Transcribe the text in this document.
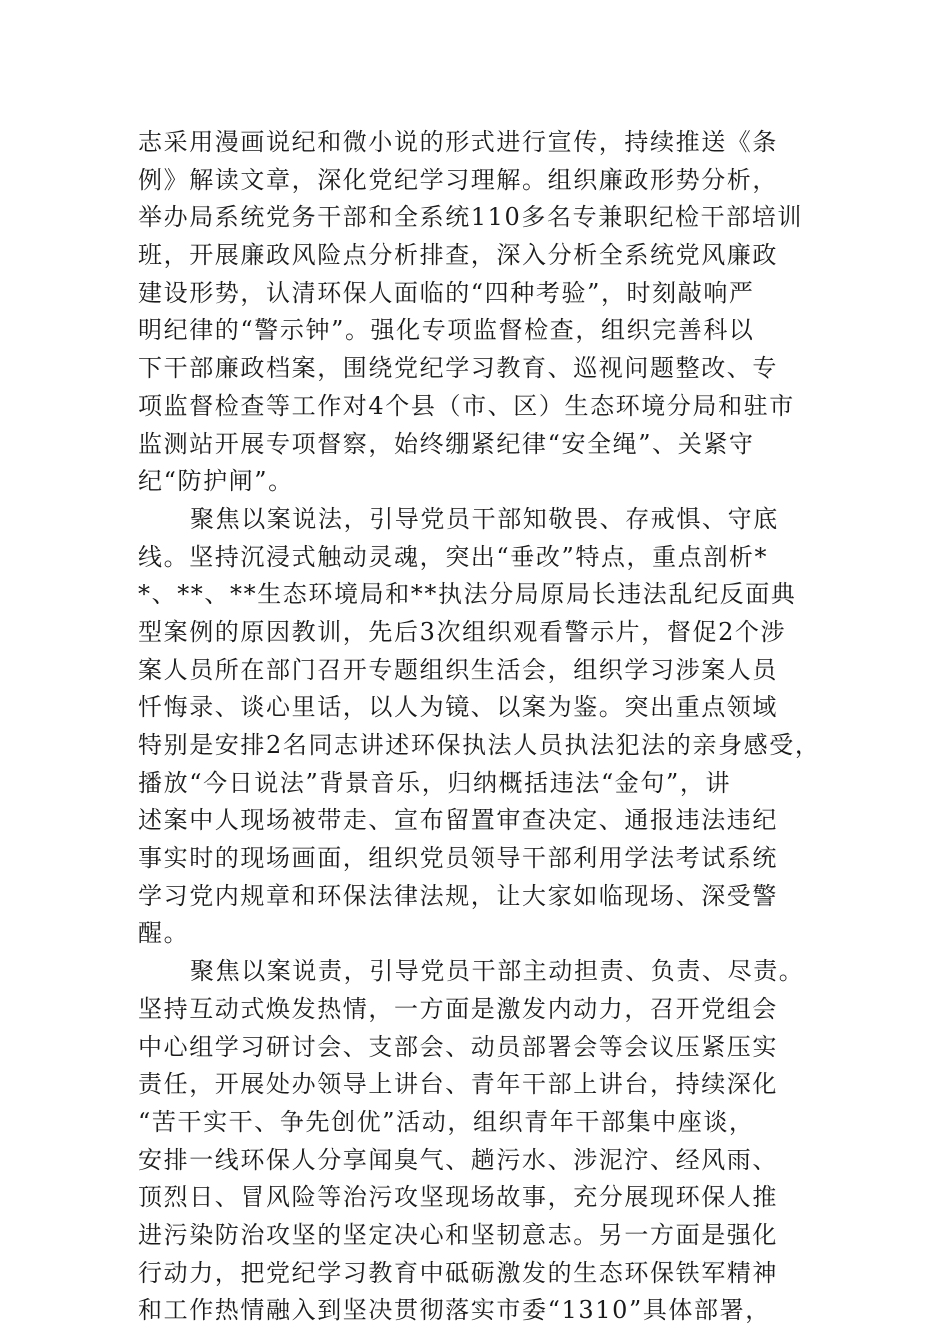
志采用漫画说纪和微小说的形式进行宣传，持续推送《条
例》解读文章，深化党纪学习理解。组织廉政形势分析，
举办局系统党务干部和全系统110多名专兼职纪检干部培训
班，开展廉政风险点分析排查，深入分析全系统党风廉政
建设形势，认清环保人面临的“四种考验”，时刻敲响严
明纪律的“警示钟”。强化专项监督检查，组织完善科以
下干部廉政档案，围绕党纪学习教育、巡视问题整改、专
项监督检查等工作对4个县（市、区）生态环境分局和驻市
监测站开展专项督察，始终绷紧纪律“安全绳”、关紧守
纪“防护闸”。
聚焦以案说法，引导党员干部知敬畏、存戒惧、守底
线。坚持沉浸式触动灵魂，突出“垂改”特点，重点剖析*
*、**、**生态环境局和**执法分局原局长违法乱纪反面典
型案例的原因教训，先后3次组织观看警示片，督促2个涉
案人员所在部门召开专题组织生活会，组织学习涉案人员
忏悔录、谈心里话，以人为镜、以案为鉴。突出重点领域
特别是安排2名同志讲述环保执法人员执法犯法的亲身感受，
播放“今日说法”背景音乐，归纳概括违法“金句”，讲
述案中人现场被带走、宣布留置审查决定、通报违法违纪
事实时的现场画面，组织党员领导干部利用学法考试系统
学习党内规章和环保法律法规，让大家如临现场、深受警
醒。
聚焦以案说责，引导党员干部主动担责、负责、尽责。
坚持互动式焕发热情，一方面是激发内动力，召开党组会
中心组学习研讨会、支部会、动员部署会等会议压紧压实
责任，开展处办领导上讲台、青年干部上讲台，持续深化
“苦干实干、争先创优”活动，组织青年干部集中座谈，
安排一线环保人分享闻臭气、趟污水、涉泥泞、经风雨、
顶烈日、冒风险等治污攻坚现场故事，充分展现环保人推
进污染防治攻坚的坚定决心和坚韧意志。另一方面是强化
行动力，把党纪学习教育中砥砺激发的生态环保铁军精神
和工作热情融入到坚决贯彻落实市委“1310”具体部署，
